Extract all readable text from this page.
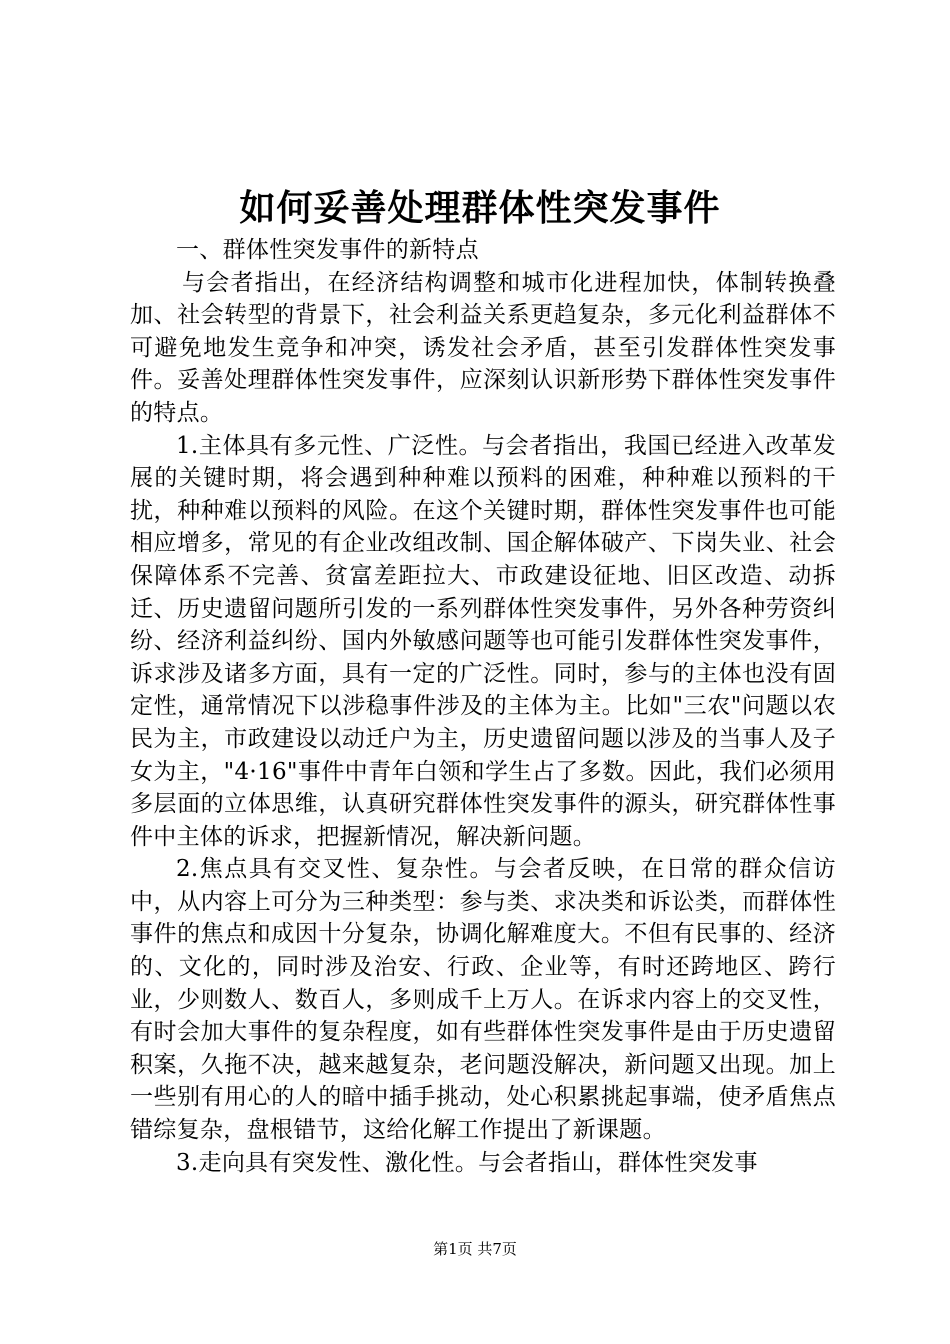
如何妥善处理群体性突发事件

一、群体性突发事件的新特点

与会者指出，在经济结构调整和城市化进程加快，体制转换叠加、社会转型的背景下，社会利益关系更趋复杂，多元化利益群体不可避免地发生竞争和冲突，诱发社会矛盾，甚至引发群体性突发事件。妥善处理群体性突发事件，应深刻认识新形势下群体性突发事件的特点。

1.主体具有多元性、广泛性。与会者指出，我国已经进入改革发展的关键时期，将会遇到种种难以预料的困难，种种难以预料的干扰，种种难以预料的风险。在这个关键时期，群体性突发事件也可能相应增多，常见的有企业改组改制、国企解体破产、下岗失业、社会保障体系不完善、贫富差距拉大、市政建设征地、旧区改造、动拆迁、历史遗留问题所引发的一系列群体性突发事件，另外各种劳资纠纷、经济利益纠纷、国内外敏感问题等也可能引发群体性突发事件，诉求涉及诸多方面，具有一定的广泛性。同时，参与的主体也没有固定性，通常情况下以涉稳事件涉及的主体为主。比如"三农"问题以农民为主，市政建设以动迁户为主，历史遗留问题以涉及的当事人及子女为主，"4·16"事件中青年白领和学生占了多数。因此，我们必须用多层面的立体思维，认真研究群体性突发事件的源头，研究群体性事件中主体的诉求，把握新情况，解决新问题。

2.焦点具有交叉性、复杂性。与会者反映，在日常的群众信访中，从内容上可分为三种类型：参与类、求决类和诉讼类，而群体性事件的焦点和成因十分复杂，协调化解难度大。不但有民事的、经济的、文化的，同时涉及治安、行政、企业等，有时还跨地区、跨行业，少则数人、数百人，多则成千上万人。在诉求内容上的交叉性，有时会加大事件的复杂程度，如有些群体性突发事件是由于历史遗留积案，久拖不决，越来越复杂，老问题没解决，新问题又出现。加上一些别有用心的人的暗中插手挑动，处心积累挑起事端，使矛盾焦点错综复杂，盘根错节，这给化解工作提出了新课题。

3.走向具有突发性、激化性。与会者指山，群体性突发事

第1页 共7页
